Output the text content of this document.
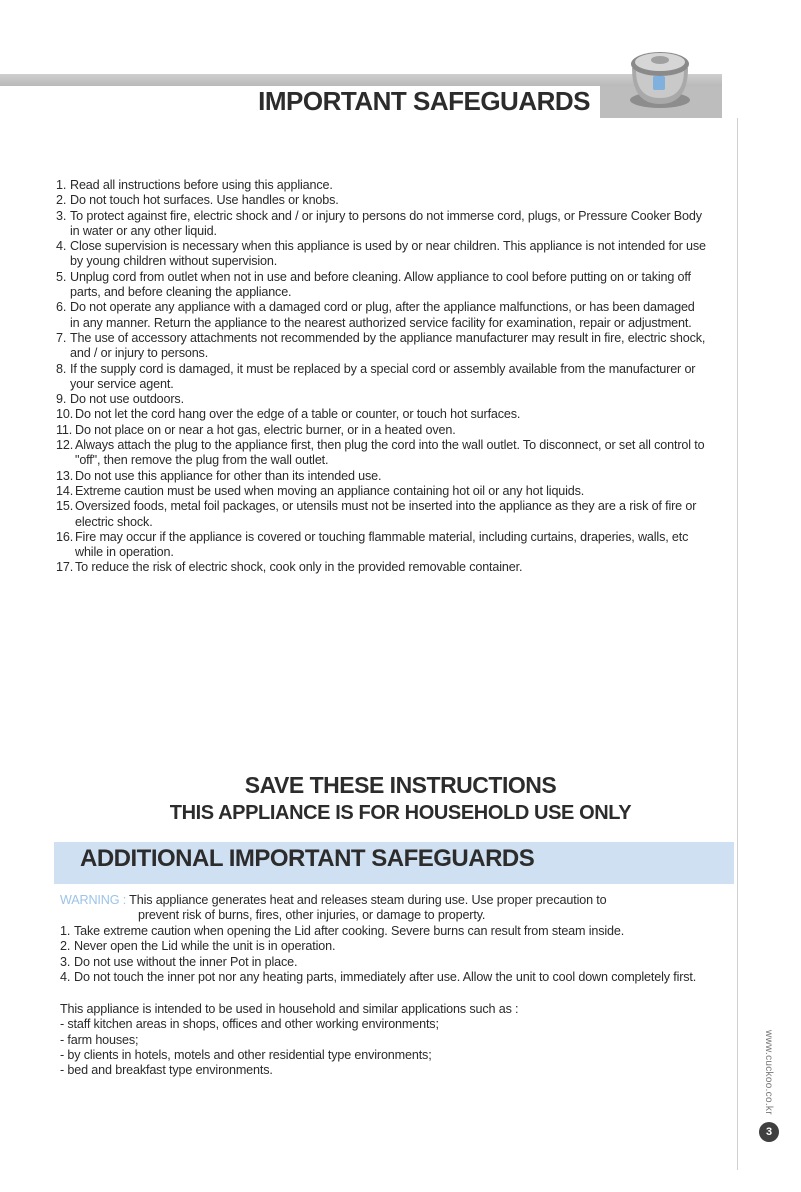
IMPORTANT SAFEGUARDS
1. Read all instructions before using this appliance.
2. Do not touch hot surfaces. Use handles or knobs.
3. To protect against fire, electric shock and / or injury to persons do not immerse cord, plugs, or Pressure Cooker Body in water or any other liquid.
4. Close supervision is necessary when this appliance is used by or near children. This appliance is not intended for use by young children without supervision.
5. Unplug cord from outlet when not in use and before cleaning. Allow appliance to cool before putting on or taking off parts, and before cleaning the appliance.
6. Do not operate any appliance with a damaged cord or plug, after the appliance malfunctions, or has been damaged in any manner. Return the appliance to the nearest authorized service facility for examination, repair or adjustment.
7. The use of accessory attachments not recommended by the appliance manufacturer may result in fire, electric shock, and / or injury to persons.
8. If the supply cord is damaged, it must be replaced by a special cord or assembly available from the manufacturer or your service agent.
9. Do not use outdoors.
10. Do not let the cord hang over the edge of a table or counter, or touch hot surfaces.
11. Do not place on or near a hot gas, electric burner, or in a heated oven.
12. Always attach the plug to the appliance first, then plug the cord into the wall outlet. To disconnect, or set all control to "off", then remove the plug from the wall outlet.
13. Do not use this appliance for other than its intended use.
14. Extreme caution must be used when moving an appliance containing hot oil or any hot liquids.
15. Oversized foods, metal foil packages, or utensils must not be inserted into the appliance as they are a risk of fire or electric shock.
16. Fire may occur if the appliance is covered or touching flammable material, including curtains, draperies, walls, etc while in operation.
17. To reduce the risk of electric shock, cook only in the provided removable container.
SAVE THESE INSTRUCTIONS
THIS APPLIANCE IS FOR HOUSEHOLD USE ONLY
ADDITIONAL IMPORTANT SAFEGUARDS
WARNING : This appliance generates heat and releases steam during use. Use proper precaution to
prevent risk of burns, fires, other injuries, or damage to property.
1. Take extreme caution when opening the Lid after cooking. Severe burns can result from steam inside.
2. Never open the Lid while the unit is in operation.
3. Do not use without the inner Pot in place.
4. Do not touch the inner pot nor any heating parts, immediately after use. Allow the unit to cool down completely first.

This appliance is intended to be used in household and similar applications such as :

- staff kitchen areas in shops, offices and other working environments;
- farm houses;
- by clients in hotels, motels and other residential type environments;
- bed and breakfast type environments.	www.cuckoo.co.kr
3
